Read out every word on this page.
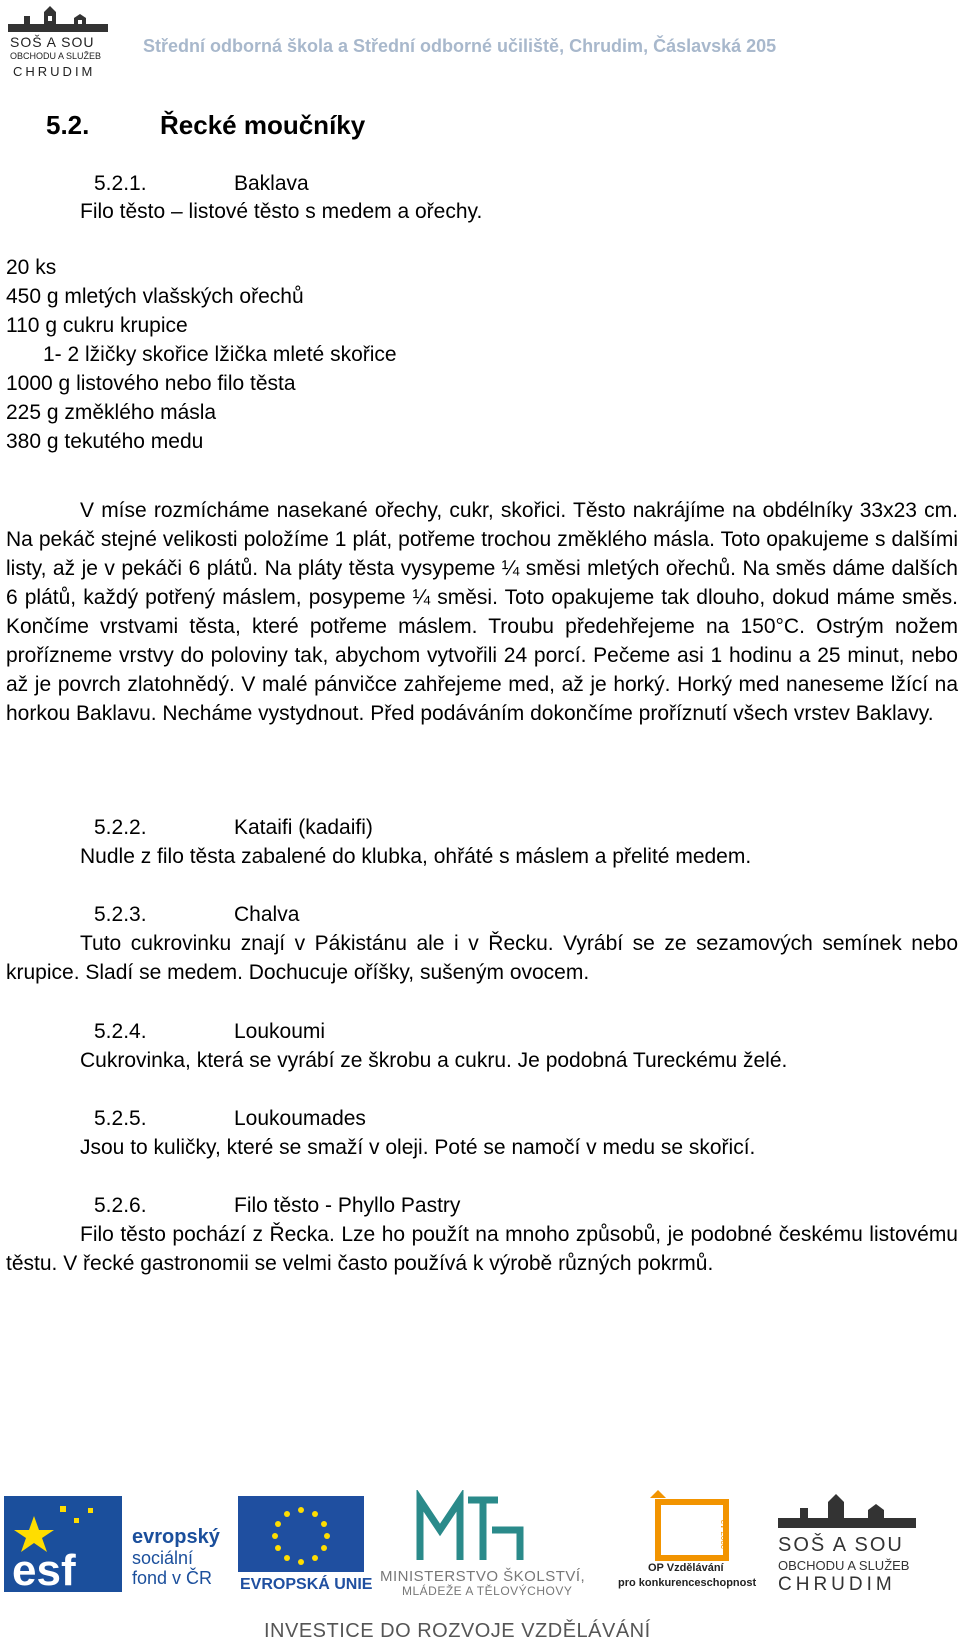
SOŠ A SOU
OBCHODU A SLUŽEB
CHRUDIM
Střední odborná škola a Střední odborné učiliště, Chrudim, Čáslavská 205
5.2.	Řecké moučníky
5.2.1.	Baklava
Filo těsto – listové těsto s medem a ořechy.
20 ks
450 g mletých vlašských ořechů
110 g cukru krupice
1- 2 lžičky skořice lžička mleté skořice
1000 g listového nebo filo těsta
225 g změklého másla
380 g tekutého medu

V míse rozmícháme nasekané ořechy, cukr, skořici. Těsto nakrájíme na obdélníky 33x23 cm. Na pekáč stejné velikosti položíme 1 plát, potřeme trochou změklého másla. Toto opakujeme s dalšími listy, až je v pekáči 6 plátů. Na pláty těsta vysypeme ¼ směsi mletých ořechů. Na směs dáme dalších 6 plátů, každý potřený máslem, posypeme ¼ směsi. Toto opakujeme tak dlouho, dokud máme směs. Končíme vrstvami těsta, které potřeme máslem. Troubu předehřejeme na 150°C. Ostrým nožem prořízneme vrstvy do poloviny tak, abychom vytvořili 24 porcí. Pečeme asi 1 hodinu a 25 minut, nebo až je povrch zlatohnědý. V malé pánvičce zahřejeme med, až je horký. Horký med naneseme lžící na horkou Baklavu. Necháme vystydnout. Před podáváním dokončíme proříznutí všech vrstev Baklavy.

5.2.2.	Kataifi (kadaifi)
Nudle z filo těsta zabalené do klubka, ohřáté s máslem a přelité medem.
5.2.3.	Chalva

Tuto cukrovinku znají v Pákistánu ale i v Řecku. Vyrábí se ze sezamových semínek nebo krupice. Sladí se medem. Dochucuje oříšky, sušeným ovocem.

5.2.4.	Loukoumi
Cukrovinka, která se vyrábí ze škrobu a cukru. Je podobná Tureckému želé.
5.2.5.	Loukoumades
Jsou to kuličky, které se smaží v oleji. Poté se namočí v medu se skořicí.
5.2.6.	Filo těsto - Phyllo Pastry

Filo těsto pochází z Řecka. Lze ho použít na mnoho způsobů, je podobné českému listovému těstu. V řecké gastronomii se velmi často používá k výrobě různých pokrmů.

esf
evropský
sociální
fond v ČR EVROPSKÁ UNIE MINISTERSTVO ŠKOLSTVÍ,
MLÁDEŽE A TĚLOVÝCHOVY
2007-13
OP Vzdělávání
pro konkurenceschopnost
SOŠ A SOU
OBCHODU A SLUŽEB
CHRUDIM
INVESTICE DO ROZVOJE VZDĚLÁVÁNÍ
